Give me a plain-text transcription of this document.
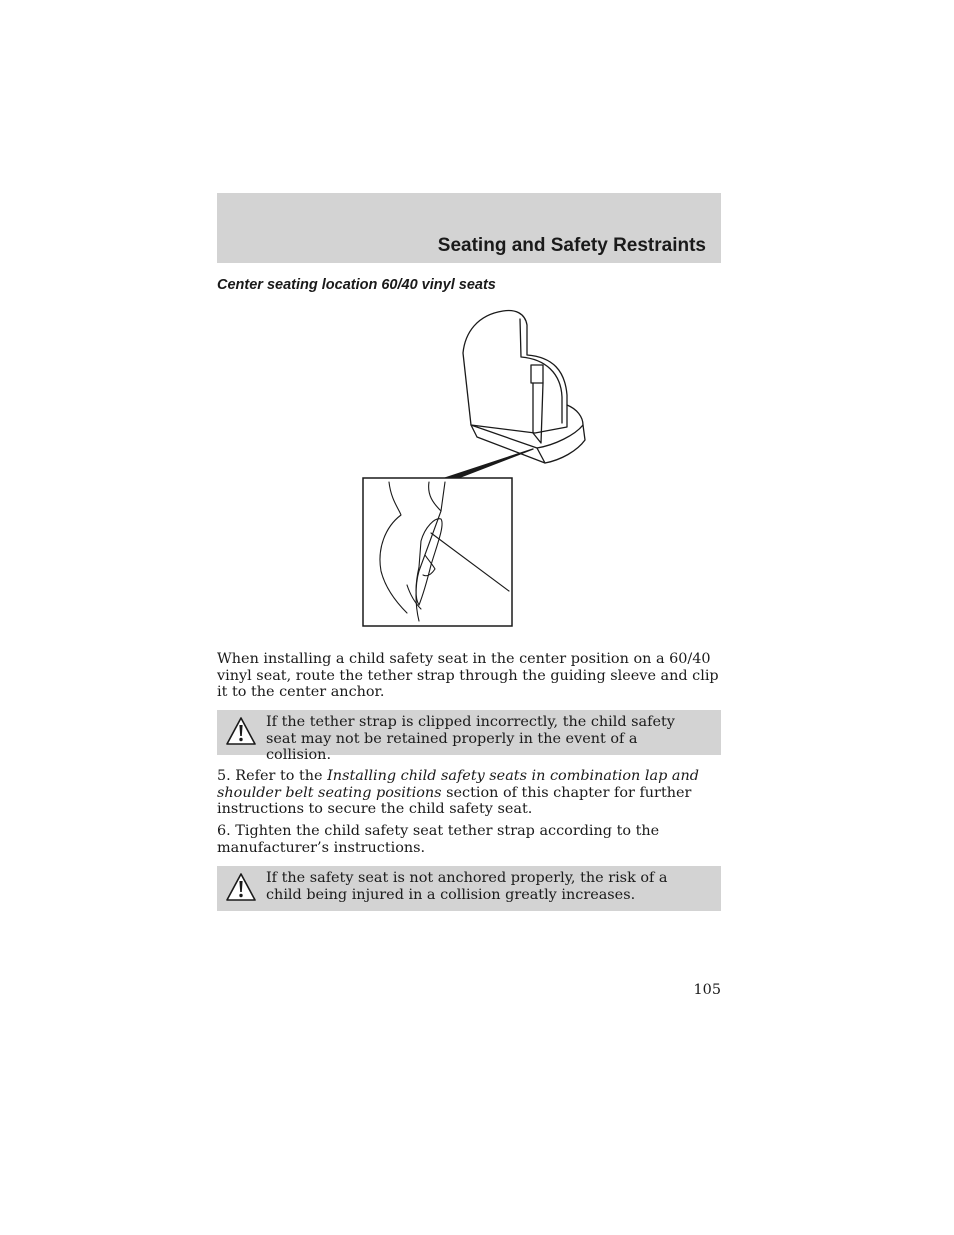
Seating and Safety Restraints
Center seating location 60/40 vinyl seats

When installing a child safety seat in the center position on a 60/40 vinyl seat, route the tether strap through the guiding sleeve and clip it to the center anchor.

If the tether strap is clipped incorrectly, the child safety seat may not be retained properly in the event of a collision.

5. Refer to the Installing child safety seats in combination lap and shoulder belt seating positions section of this chapter for further instructions to secure the child safety seat.

6. Tighten the child safety seat tether strap according to the manufacturer’s instructions.

If the safety seat is not anchored properly, the risk of a child being injured in a collision greatly increases.

105
